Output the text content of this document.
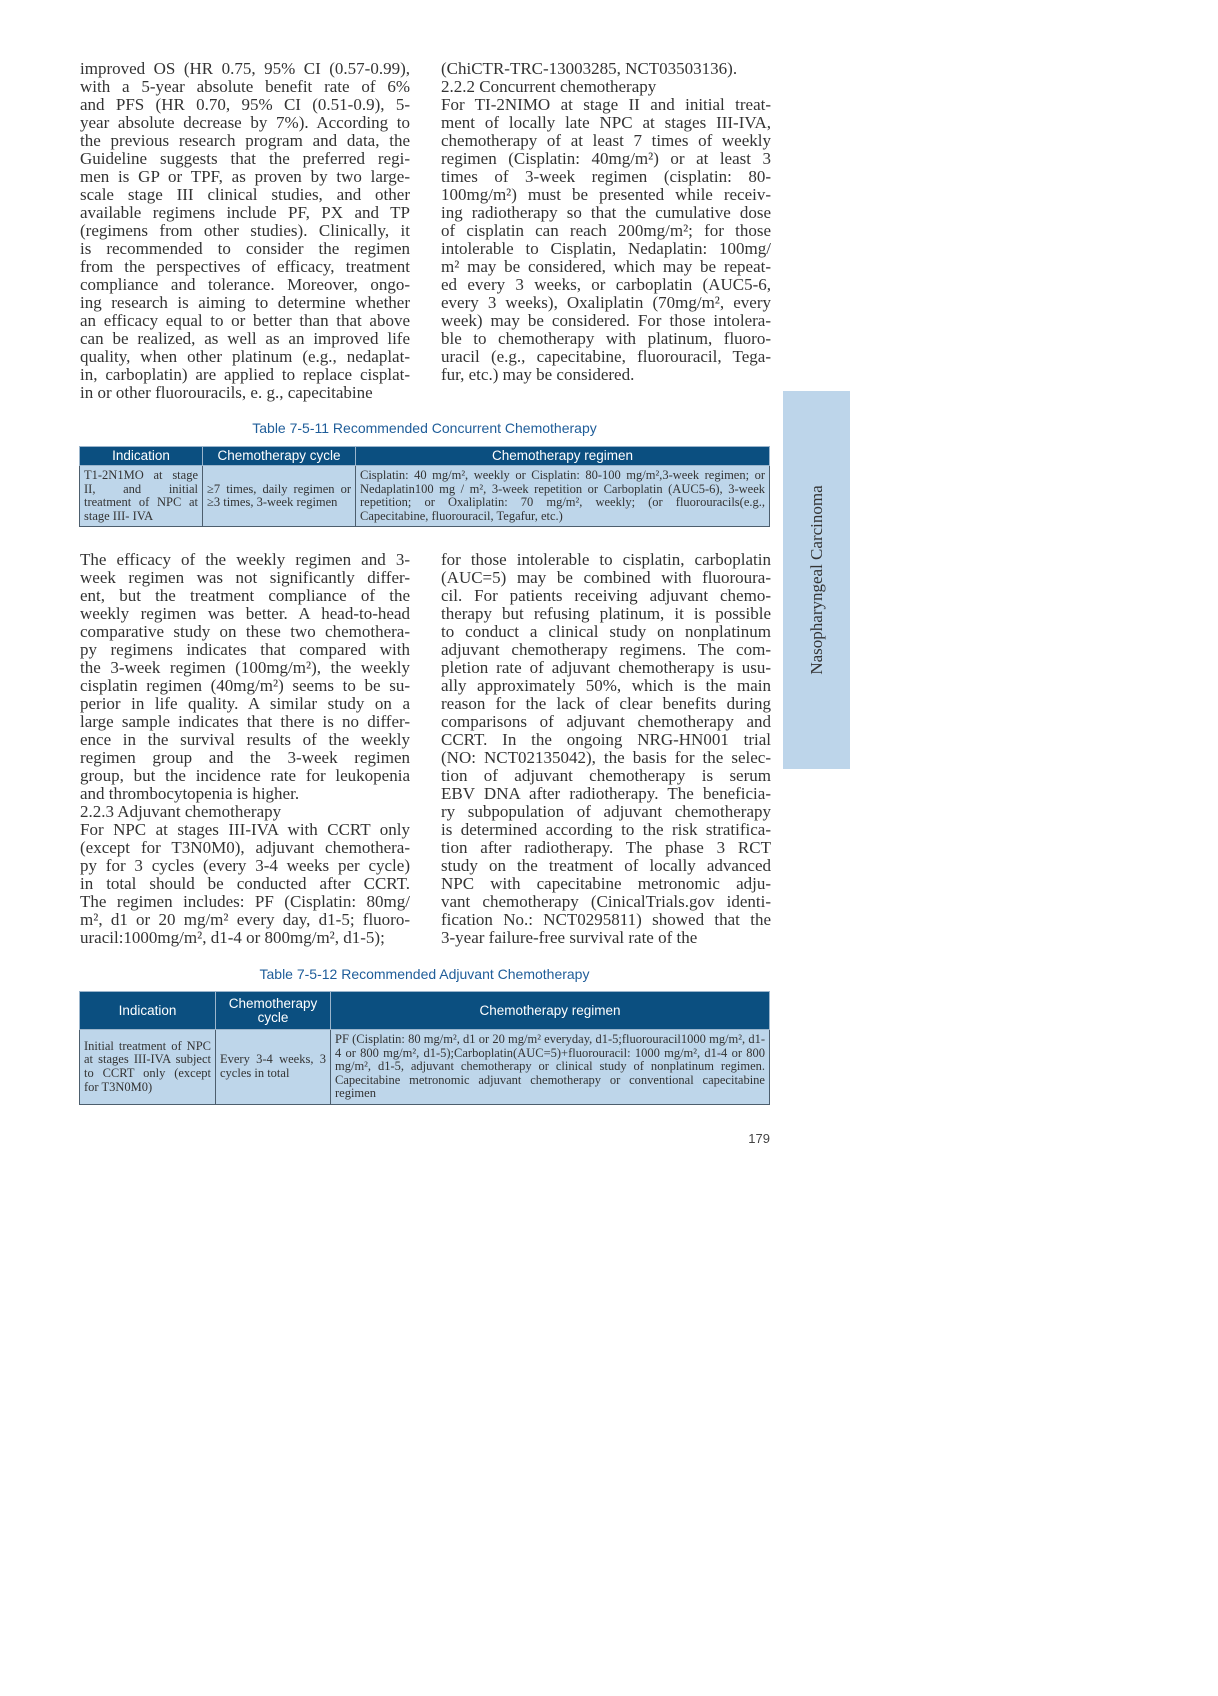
improved OS (HR 0.75, 95% CI (0.57-0.99),
with a 5-year absolute benefit rate of 6%
and PFS (HR 0.70, 95% CI (0.51-0.9), 5-
year absolute decrease by 7%). According to
the previous research program and data, the
Guideline suggests that the preferred regi-
men is GP or TPF, as proven by two large-
scale stage III clinical studies, and other
available regimens include PF, PX and TP
(regimens from other studies). Clinically, it
is recommended to consider the regimen
from the perspectives of efficacy, treatment
compliance and tolerance. Moreover, ongo-
ing research is aiming to determine whether
an efficacy equal to or better than that above
can be realized, as well as an improved life
quality, when other platinum (e.g., nedaplat-
in, carboplatin) are applied to replace cisplat-
in or other fluorouracils, e. g., capecitabine
(ChiCTR-TRC-13003285, NCT03503136).
2.2.2 Concurrent chemotherapy
For TI-2NIMO at stage II and initial treat-
ment of locally late NPC at stages III-IVA,
chemotherapy of at least 7 times of weekly
regimen (Cisplatin: 40mg/m²) or at least 3
times of 3-week regimen (cisplatin: 80-
100mg/m²) must be presented while receiv-
ing radiotherapy so that the cumulative dose
of cisplatin can reach 200mg/m²; for those
intolerable to Cisplatin, Nedaplatin: 100mg/
m² may be considered, which may be repeat-
ed every 3 weeks, or carboplatin (AUC5-6,
every 3 weeks), Oxaliplatin (70mg/m², every
week) may be considered. For those intolera-
ble to chemotherapy with platinum, fluoro-
uracil (e.g., capecitabine, fluorouracil, Tega-
fur, etc.) may be considered.
Table 7-5-11 Recommended Concurrent Chemotherapy
Indication	Chemotherapy cycle	Chemotherapy regimen
T1-2N1MO at stage II, and initial treatment of NPC at stage III- IVA	≥7 times, daily regimen or ≥3 times, 3-week regimen	Cisplatin: 40 mg/m², weekly or Cisplatin: 80-100 mg/m²,3-week regimen; or Nedaplatin100 mg / m², 3-week repetition or Carboplatin (AUC5-6), 3-week repetition; or Oxaliplatin: 70 mg/m², weekly; (or fluorouracils(e.g., Capecitabine, fluorouracil, Tegafur, etc.)
The efficacy of the weekly regimen and 3-
week regimen was not significantly differ-
ent, but the treatment compliance of the
weekly regimen was better. A head-to-head
comparative study on these two chemothera-
py regimens indicates that compared with
the 3-week regimen (100mg/m²), the weekly
cisplatin regimen (40mg/m²) seems to be su-
perior in life quality. A similar study on a
large sample indicates that there is no differ-
ence in the survival results of the weekly
regimen group and the 3-week regimen
group, but the incidence rate for leukopenia
and thrombocytopenia is higher.
2.2.3 Adjuvant chemotherapy
For NPC at stages III-IVA with CCRT only
(except for T3N0M0), adjuvant chemothera-
py for 3 cycles (every 3-4 weeks per cycle)
in total should be conducted after CCRT.
The regimen includes: PF (Cisplatin: 80mg/
m², d1 or 20 mg/m² every day, d1-5; fluoro-
uracil:1000mg/m², d1-4 or 800mg/m², d1-5);
for those intolerable to cisplatin, carboplatin
(AUC=5) may be combined with fluoroura-
cil. For patients receiving adjuvant chemo-
therapy but refusing platinum, it is possible
to conduct a clinical study on nonplatinum
adjuvant chemotherapy regimens. The com-
pletion rate of adjuvant chemotherapy is usu-
ally approximately 50%, which is the main
reason for the lack of clear benefits during
comparisons of adjuvant chemotherapy and
CCRT. In the ongoing NRG-HN001 trial
(NO: NCT02135042), the basis for the selec-
tion of adjuvant chemotherapy is serum
EBV DNA after radiotherapy. The beneficia-
ry subpopulation of adjuvant chemotherapy
is determined according to the risk stratifica-
tion after radiotherapy. The phase 3 RCT
study on the treatment of locally advanced
NPC with capecitabine metronomic adju-
vant chemotherapy (CinicalTrials.gov identi-
fication No.: NCT0295811) showed that the
3-year failure-free survival rate of the
Table 7-5-12 Recommended Adjuvant Chemotherapy
Indication	Chemotherapy cycle	Chemotherapy regimen
Initial treatment of NPC at stages III-IVA subject to CCRT only (except for T3N0M0)	Every 3-4 weeks, 3 cycles in total	PF (Cisplatin: 80 mg/m², d1 or 20 mg/m² everyday, d1-5;fluorouracil1000 mg/m², d1-4 or 800 mg/m², d1-5);Carboplatin(AUC=5)+fluorouracil: 1000 mg/m², d1-4 or 800 mg/m², d1-5, adjuvant chemotherapy or clinical study of nonplatinum regimen. Capecitabine metronomic adjuvant chemotherapy or conventional capecitabine regimen
Nasopharyngeal Carcinoma
179
